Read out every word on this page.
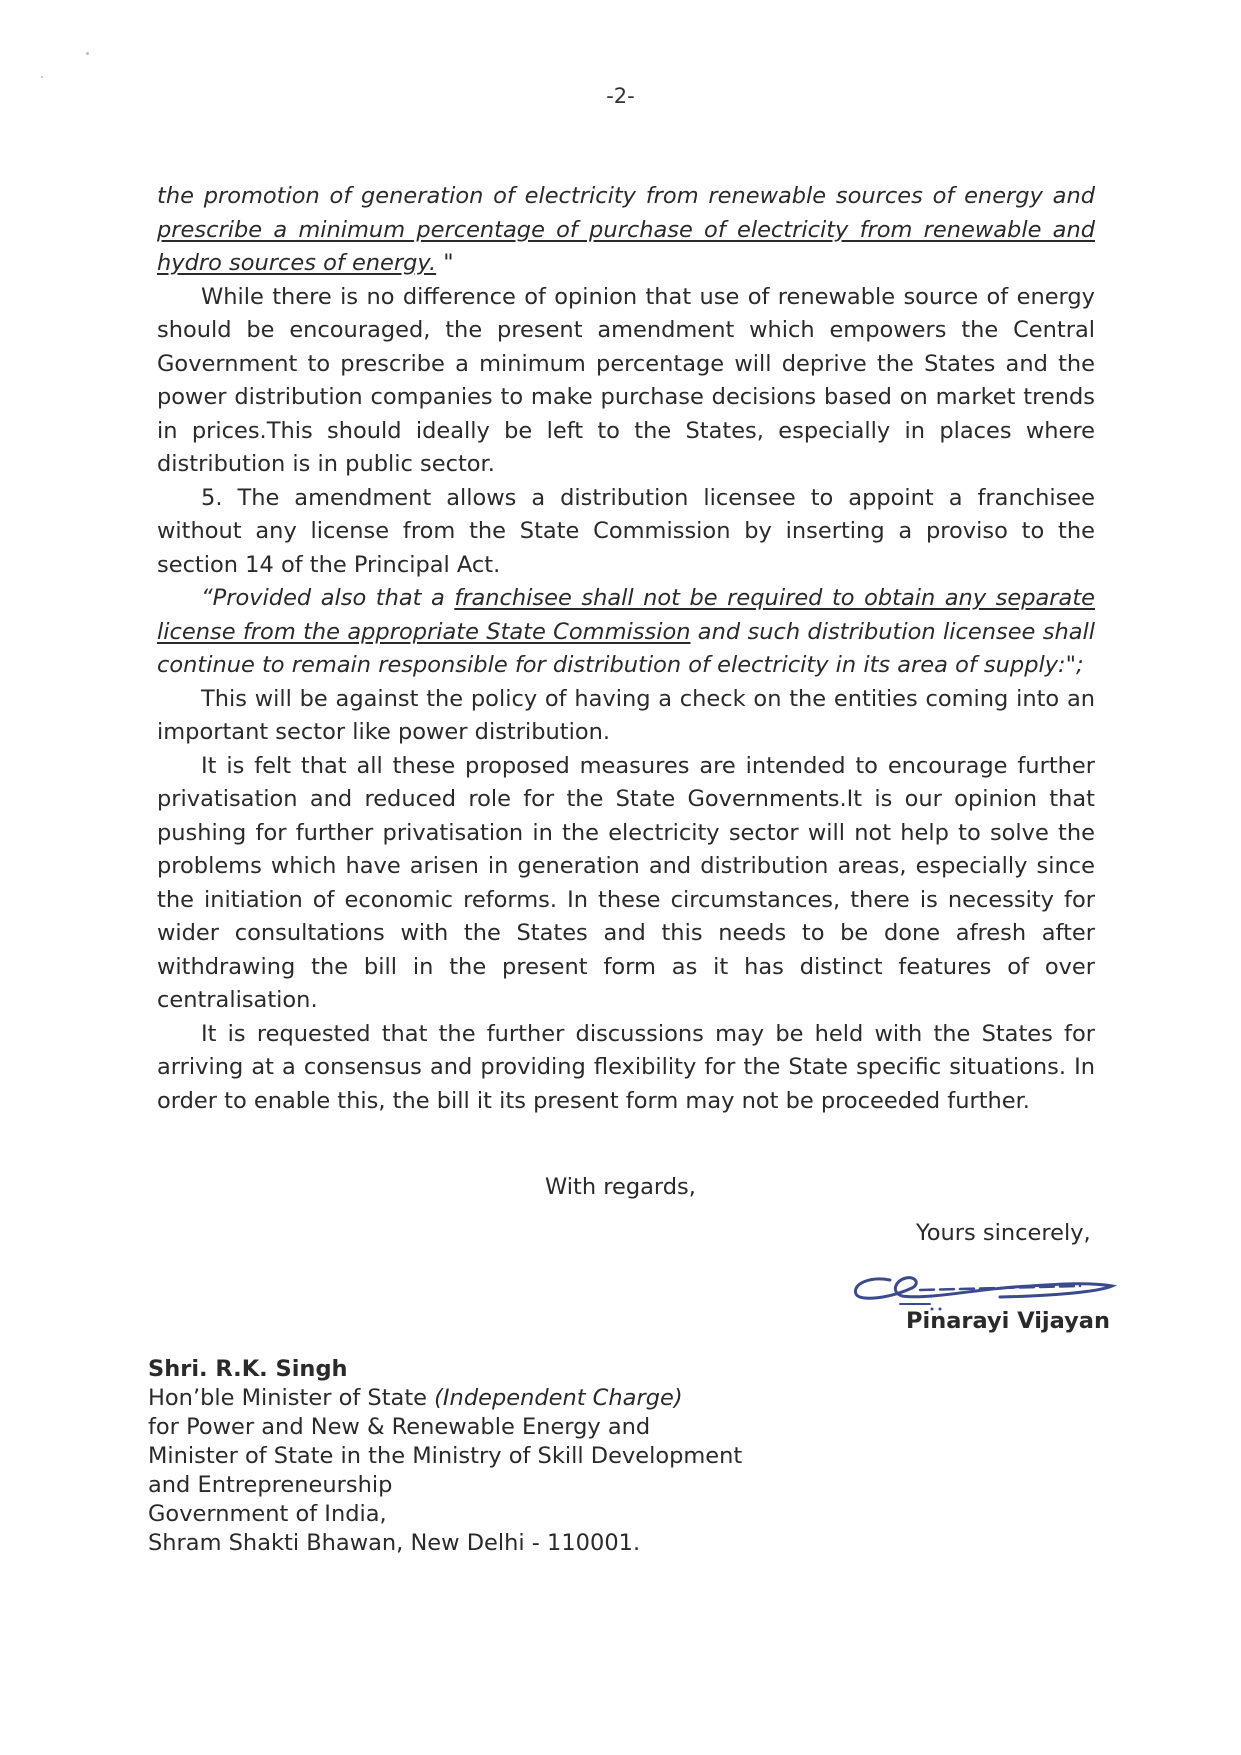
-2-

the promotion of generation of electricity from renewable sources of energy and prescribe a minimum percentage of purchase of electricity from renewable and hydro sources of energy. "

While there is no difference of opinion that use of renewable source of energy should be encouraged, the present amendment which empowers the Central Government to prescribe a minimum percentage will deprive the States and the power distribution companies to make purchase decisions based on market trends in prices.This should ideally be left to the States, especially in places where distribution is in public sector.

5. The amendment allows a distribution licensee to appoint a franchisee without any license from the State Commission by inserting a proviso to the section 14 of the Principal Act.

“Provided also that a franchisee shall not be required to obtain any separate license from the appropriate State Commission and such distribution licensee shall continue to remain responsible for distribution of electricity in its area of supply:";

This will be against the policy of having a check on the entities coming into an important sector like power distribution.

It is felt that all these proposed measures are intended to encourage further privatisation and reduced role for the State Governments.It is our opinion that pushing for further privatisation in the electricity sector will not help to solve the problems which have arisen in generation and distribution areas, especially since the initiation of economic reforms. In these circumstances, there is necessity for wider consultations with the States and this needs to be done afresh after withdrawing the bill in the present form as it has distinct features of over centralisation.

It is requested that the further discussions may be held with the States for arriving at a consensus and providing flexibility for the State specific situations. In order to enable this, the bill it its present form may not be proceeded further.

With regards,
Yours sincerely,
Pinarayi Vijayan
Shri. R.K. Singh
Hon’ble Minister of State (Independent Charge)
for Power and New & Renewable Energy and
Minister of State in the Ministry of Skill Development
and Entrepreneurship
Government of India,
Shram Shakti Bhawan, New Delhi - 110001.
